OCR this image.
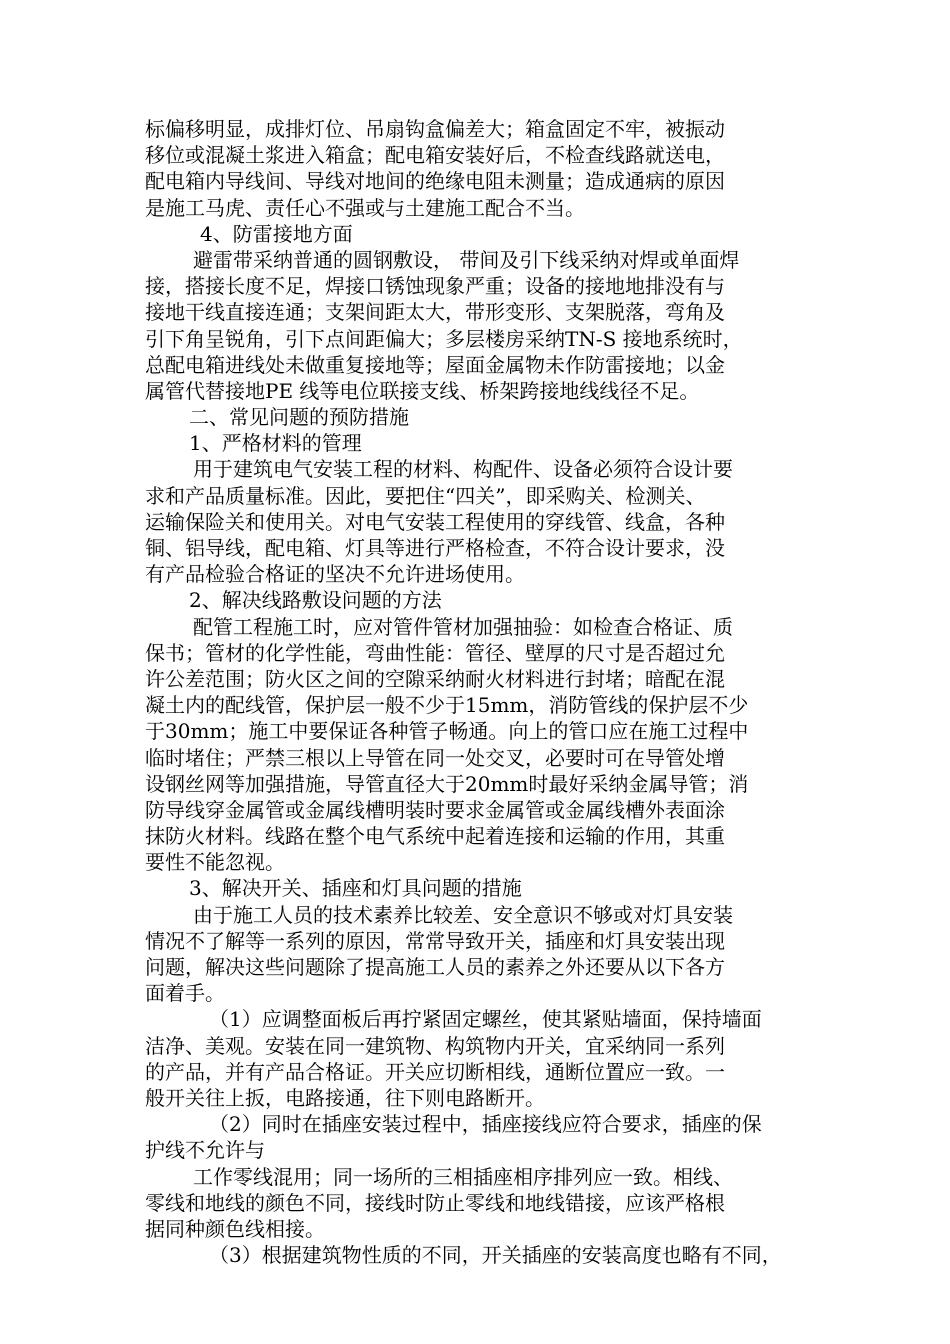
标偏移明显，成排灯位、吊扇钩盒偏差大；箱盒固定不牢，被振动
移位或混凝土浆进入箱盒；配电箱安装好后，不检查线路就送电，
配电箱内导线间、导线对地间的绝缘电阻未测量；造成通病的原因
是施工马虎、责任心不强或与土建施工配合不当。
4、防雷接地方面
避雷带采纳普通的圆钢敷设， 带间及引下线采纳对焊或单面焊
接，搭接长度不足，焊接口锈蚀现象严重；设备的接地地排没有与
接地干线直接连通；支架间距太大，带形变形、支架脱落，弯角及
引下角呈锐角，引下点间距偏大；多层楼房采纳TN-S 接地系统时，
总配电箱进线处未做重复接地等；屋面金属物未作防雷接地；以金
属管代替接地PE 线等电位联接支线、桥架跨接地线线径不足。
二、常见问题的预防措施
1、严格材料的管理
用于建筑电气安装工程的材料、构配件、设备必须符合设计要
求和产品质量标准。因此，要把住“四关”，即采购关、检测关、
运输保险关和使用关。对电气安装工程使用的穿线管、线盒，各种
铜、铝导线，配电箱、灯具等进行严格检查，不符合设计要求，没
有产品检验合格证的坚决不允许进场使用。
2、解决线路敷设问题的方法
配管工程施工时，应对管件管材加强抽验：如检查合格证、质
保书；管材的化学性能，弯曲性能：管径、壁厚的尺寸是否超过允
许公差范围；防火区之间的空隙采纳耐火材料进行封堵；暗配在混
凝土内的配线管，保护层一般不少于15mm，消防管线的保护层不少
于30mm；施工中要保证各种管子畅通。向上的管口应在施工过程中
临时堵住；严禁三根以上导管在同一处交叉，必要时可在导管处增
设钢丝网等加强措施，导管直径大于20mm时最好采纳金属导管；消
防导线穿金属管或金属线槽明装时要求金属管或金属线槽外表面涂
抹防火材料。线路在整个电气系统中起着连接和运输的作用，其重
要性不能忽视。
3、解决开关、插座和灯具问题的措施
由于施工人员的技术素养比较差、安全意识不够或对灯具安装
情况不了解等一系列的原因，常常导致开关，插座和灯具安装出现
问题，解决这些问题除了提高施工人员的素养之外还要从以下各方
面着手。
（1）应调整面板后再拧紧固定螺丝，使其紧贴墙面，保持墙面
洁净、美观。安装在同一建筑物、构筑物内开关，宜采纳同一系列
的产品，并有产品合格证。开关应切断相线，通断位置应一致。一
般开关往上扳，电路接通，往下则电路断开。
（2）同时在插座安装过程中，插座接线应符合要求，插座的保
护线不允许与
工作零线混用；同一场所的三相插座相序排列应一致。相线、
零线和地线的颜色不同，接线时防止零线和地线错接，应该严格根
据同种颜色线相接。
（3）根据建筑物性质的不同，开关插座的安装高度也略有不同，
